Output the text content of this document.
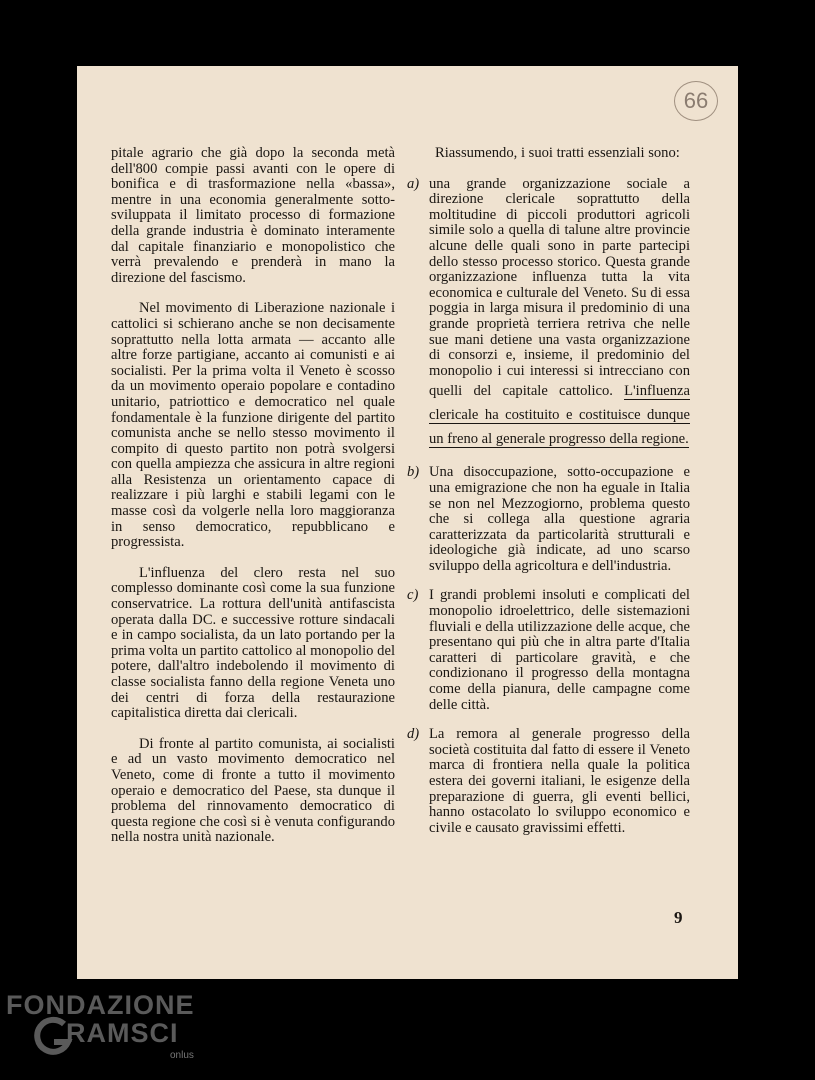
66

pitale agrario che già dopo la seconda metà dell'800 compie passi avanti con le opere di bonifica e di trasformazione nella «bassa», mentre in una economia generalmente sotto-sviluppata il limitato processo di formazione della grande industria è dominato interamente dal capitale finanziario e monopolistico che verrà prevalendo e prenderà in mano la direzione del fascismo.

Nel movimento di Liberazione nazionale i cattolici si schierano anche se non decisamente soprattutto nella lotta armata — accanto alle altre forze partigiane, accanto ai comunisti e ai socialisti. Per la prima volta il Veneto è scosso da un movimento operaio popolare e contadino unitario, patriottico e democratico nel quale fondamentale è la funzione dirigente del partito comunista anche se nello stesso movimento il compito di questo partito non potrà svolgersi con quella ampiezza che assicura in altre regioni alla Resistenza un orientamento capace di realizzare i più larghi e stabili legami con le masse così da volgerle nella loro maggioranza in senso democratico, repubblicano e progressista.

L'influenza del clero resta nel suo complesso dominante così come la sua funzione conservatrice. La rottura dell'unità antifascista operata dalla DC. e successive rotture sindacali e in campo socialista, da un lato portando per la prima volta un partito cattolico al monopolio del potere, dall'altro indebolendo il movimento di classe socialista fanno della regione Veneta uno dei centri di forza della restaurazione capitalistica diretta dai clericali.

Di fronte al partito comunista, ai socialisti e ad un vasto movimento democratico nel Veneto, come di fronte a tutto il movimento operaio e democratico del Paese, sta dunque il problema del rinnovamento democratico di questa regione che così si è venuta configurando nella nostra unità nazionale.

Riassumendo, i suoi tratti essenziali sono:

a) una grande organizzazione sociale a direzione clericale soprattutto della moltitudine di piccoli produttori agricoli simile solo a quella di talune altre provincie alcune delle quali sono in parte partecipi dello stesso processo storico. Questa grande organizzazione influenza tutta la vita economica e culturale del Veneto. Su di essa poggia in larga misura il predominio di una grande proprietà terriera retriva che nelle sue mani detiene una vasta organizzazione di consorzi e, insieme, il predominio del monopolio i cui interessi si intrecciano con quelli del capitale cattolico. L'influenza clericale ha costituito e costituisce dunque un freno al generale progresso della regione.
b) Una disoccupazione, sotto-occupazione e una emigrazione che non ha eguale in Italia se non nel Mezzogiorno, problema questo che si collega alla questione agraria caratterizzata da particolarità strutturali e ideologiche già indicate, ad uno scarso sviluppo della agricoltura e dell'industria.
c) I grandi problemi insoluti e complicati del monopolio idroelettrico, delle sistemazioni fluviali e della utilizzazione delle acque, che presentano qui più che in altra parte d'Italia caratteri di particolare gravità, e che condizionano il progresso della montagna come della pianura, delle campagne come delle città.
d) La remora al generale progresso della società costituita dal fatto di essere il Veneto marca di frontiera nella quale la politica estera dei governi italiani, le esigenze della preparazione di guerra, gli eventi bellici, hanno ostacolato lo sviluppo economico e civile e causato gravissimi effetti.
9
FONDAZIONE
RAMSCI
onlus
